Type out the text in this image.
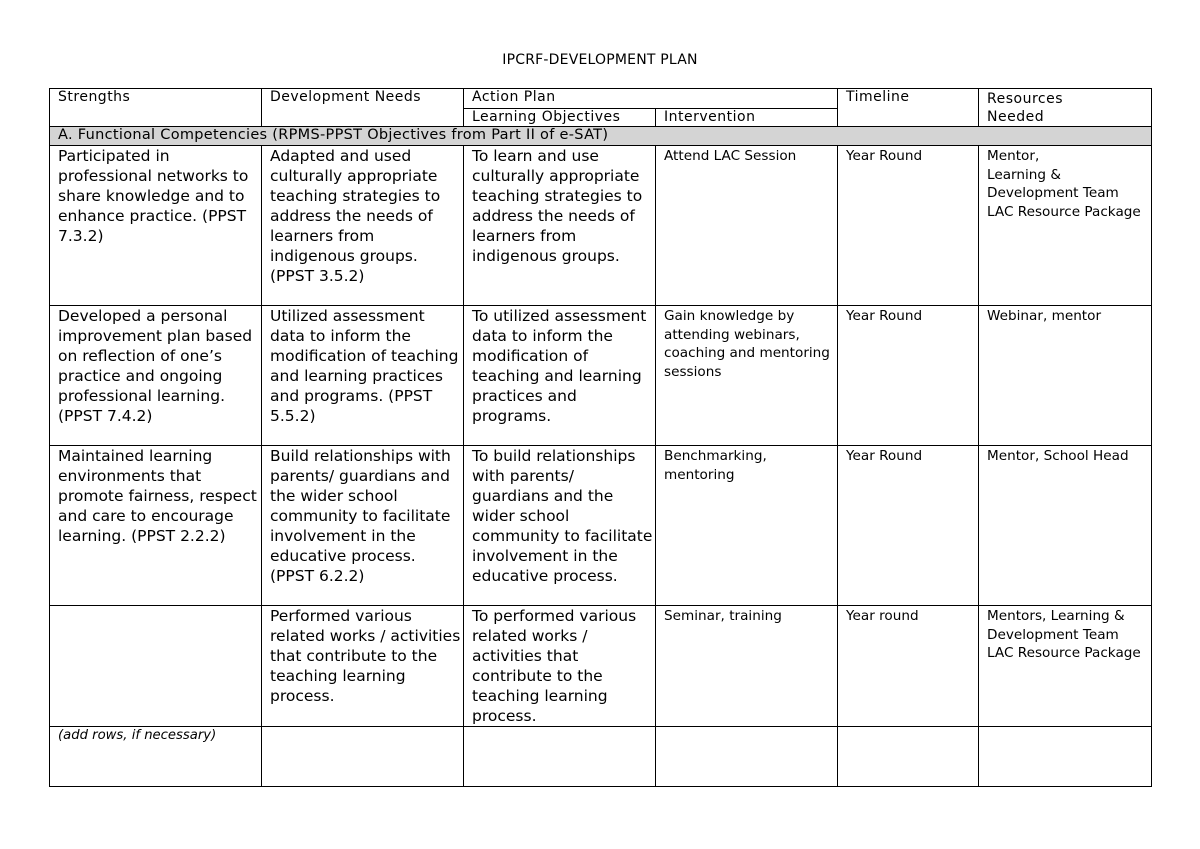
IPCRF-DEVELOPMENT PLAN
Strengths	Development Needs	Action Plan		Timeline	Resources
Needed
		Learning Objectives	Intervention		
A. Functional Competencies (RPMS-PPST Objectives from Part II of e-SAT)					
Participated in professional networks to share knowledge and to enhance practice. (PPST 7.3.2)	Adapted and used culturally appropriate teaching strategies to address the needs of learners from indigenous groups. (PPST 3.5.2)	To learn and use culturally appropriate teaching strategies to address the needs of learners from indigenous groups.	Attend LAC Session	Year Round	Mentor,
Learning & Development Team
LAC Resource Package

Developed a personal improvement plan based on reflection of one’s practice and ongoing professional learning. (PPST 7.4.2)	Utilized assessment data to inform the modification of teaching and learning practices and programs. (PPST 5.5.2)	To utilized assessment data to inform the modification of teaching and learning practices and programs.	Gain knowledge by attending webinars, coaching and mentoring sessions	Year Round	Webinar, mentor

Maintained learning environments that promote fairness, respect and care to encourage learning. (PPST 2.2.2)	Build relationships with parents/ guardians and the wider school community to facilitate involvement in the educative process. (PPST 6.2.2)	To build relationships with parents/ guardians and the wider school community to facilitate involvement in the educative process.	Benchmarking, mentoring	Year Round	Mentor, School Head

	Performed various related works / activities that contribute to the teaching learning process.	To performed various related works / activities that contribute to the teaching learning process.	Seminar, training	Year round	Mentors, Learning & Development Team
LAC Resource Package

(add rows, if necessary)					
